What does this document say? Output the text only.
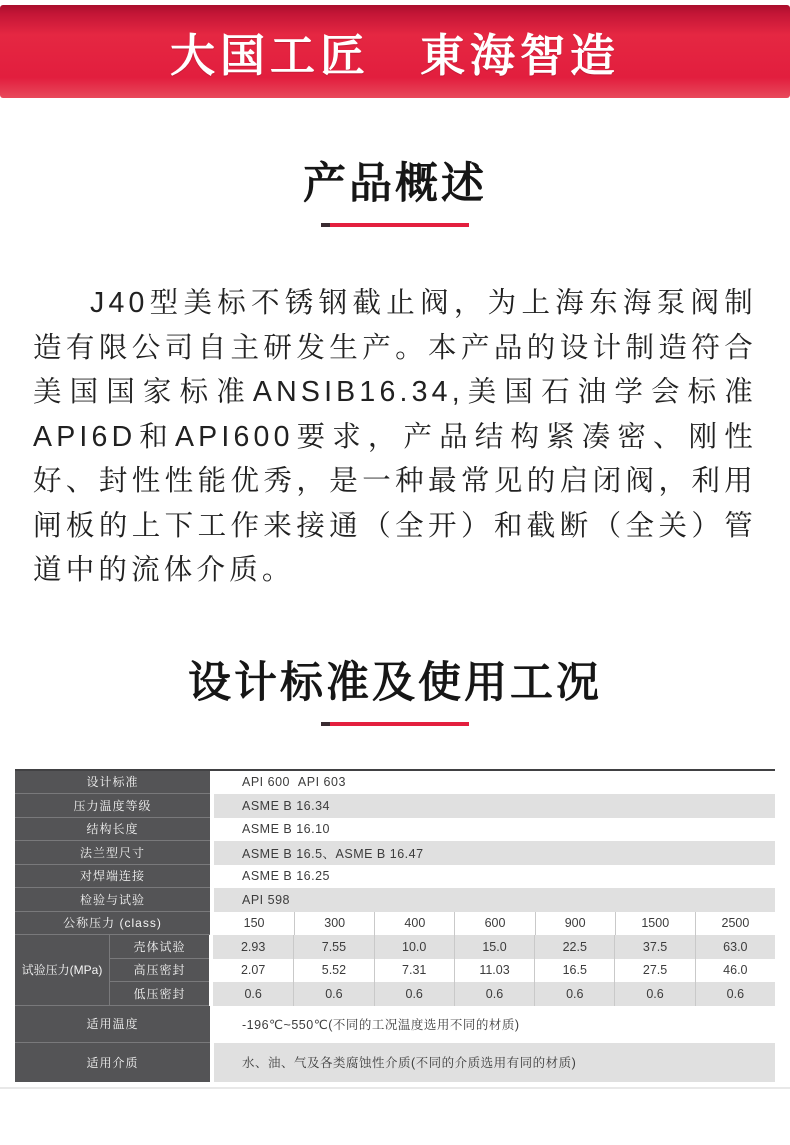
大国工匠　東海智造
产品概述

J40型美标不锈钢截止阀，为上海东海泵阀制造有限公司自主研发生产。本产品的设计制造符合美国国家标准ANSIB16.34,美国石油学会标准API6D和API600要求，产品结构紧凑密、刚性好、封性性能优秀，是一种最常见的启闭阀，利用闸板的上下工作来接通（全开）和截断（全关）管道中的流体介质。

设计标准及使用工况
设计标准	API 600  API 603
压力温度等级	ASME B 16.34
结构长度	ASME B 16.10
法兰型尺寸	ASME B 16.5、ASME B 16.47
对焊端连接	ASME B 16.25
检验与试验	API 598
公称压力 (class)	150	300	400	600	900	1500	2500
试验压力(MPa)
壳体试验	2.93	7.55	10.0	15.0	22.5	37.5	63.0
高压密封	2.07	5.52	7.31	11.03	16.5	27.5	46.0
低压密封	0.6	0.6	0.6	0.6	0.6	0.6	0.6
适用温度	-196℃~550℃(不同的工况温度选用不同的材质)
适用介质	水、油、气及各类腐蚀性介质(不同的介质选用有同的材质)
